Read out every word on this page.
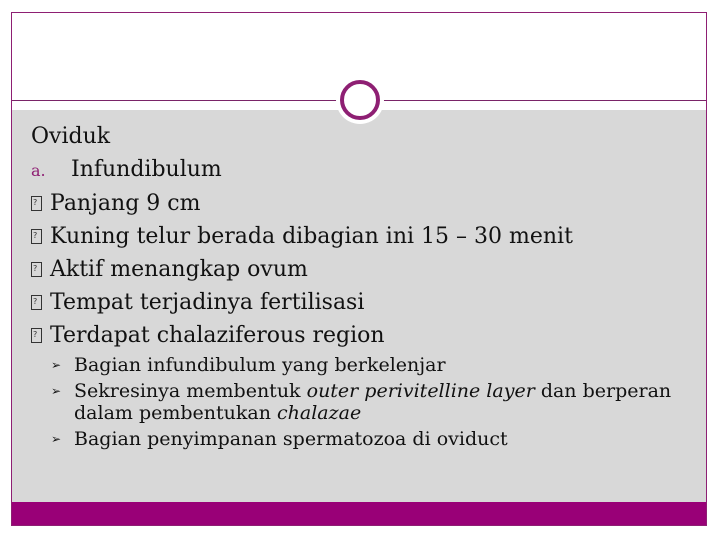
Oviduk
a. Infundibulum
? Panjang 9 cm
? Kuning telur berada dibagian ini 15 – 30 menit
? Aktif menangkap ovum
? Tempat terjadinya fertilisasi
? Terdapat chalaziferous region
➢ Bagian infundibulum yang berkelenjar
➢ Sekresinya membentuk outer perivitelline layer dan berperan
dalam pembentukan chalazae
➢ Bagian penyimpanan spermatozoa di oviduct
